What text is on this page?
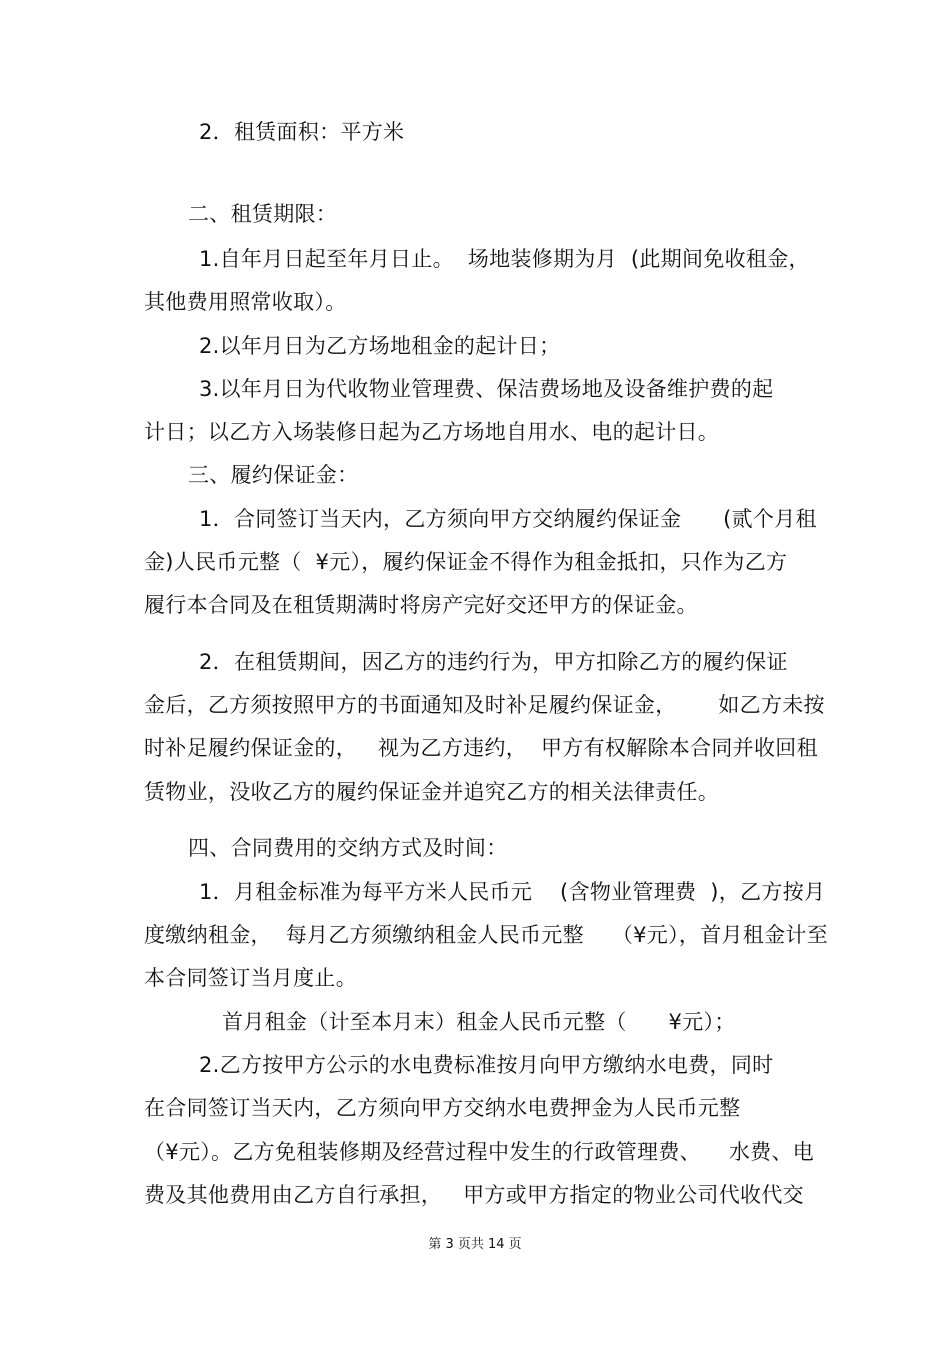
2．租赁面积：平方米
二、租赁期限：
1.自年月日起至年月日止。  场地装修期为月  (此期间免收租金，
其他费用照常收取）。
2.以年月日为乙方场地租金的起计日；
3.以年月日为代收物业管理费、保洁费场地及设备维护费的起
计日；以乙方入场装修日起为乙方场地自用水、电的起计日。
三、履约保证金：
1．合同签订当天内，乙方须向甲方交纳履约保证金      (贰个月租
金)人民币元整（  ¥元），履约保证金不得作为租金抵扣，只作为乙方
履行本合同及在租赁期满时将房产完好交还甲方的保证金。
2．在租赁期间，因乙方的违约行为，甲方扣除乙方的履约保证
金后，乙方须按照甲方的书面通知及时补足履约保证金，      如乙方未按
时补足履约保证金的，   视为乙方违约，  甲方有权解除本合同并收回租
赁物业，没收乙方的履约保证金并追究乙方的相关法律责任。
四、合同费用的交纳方式及时间：
1．月租金标准为每平方米人民币元    (含物业管理费  )，乙方按月
度缴纳租金，  每月乙方须缴纳租金人民币元整    （¥元），首月租金计至
本合同签订当月度止。
首月租金（计至本月末）租金人民币元整（      ¥元）；
2.乙方按甲方公示的水电费标准按月向甲方缴纳水电费，同时
在合同签订当天内，乙方须向甲方交纳水电费押金为人民币元整
（¥元）。乙方免租装修期及经营过程中发生的行政管理费、    水费、电
费及其他费用由乙方自行承担，   甲方或甲方指定的物业公司代收代交
第 3 页共 14 页
